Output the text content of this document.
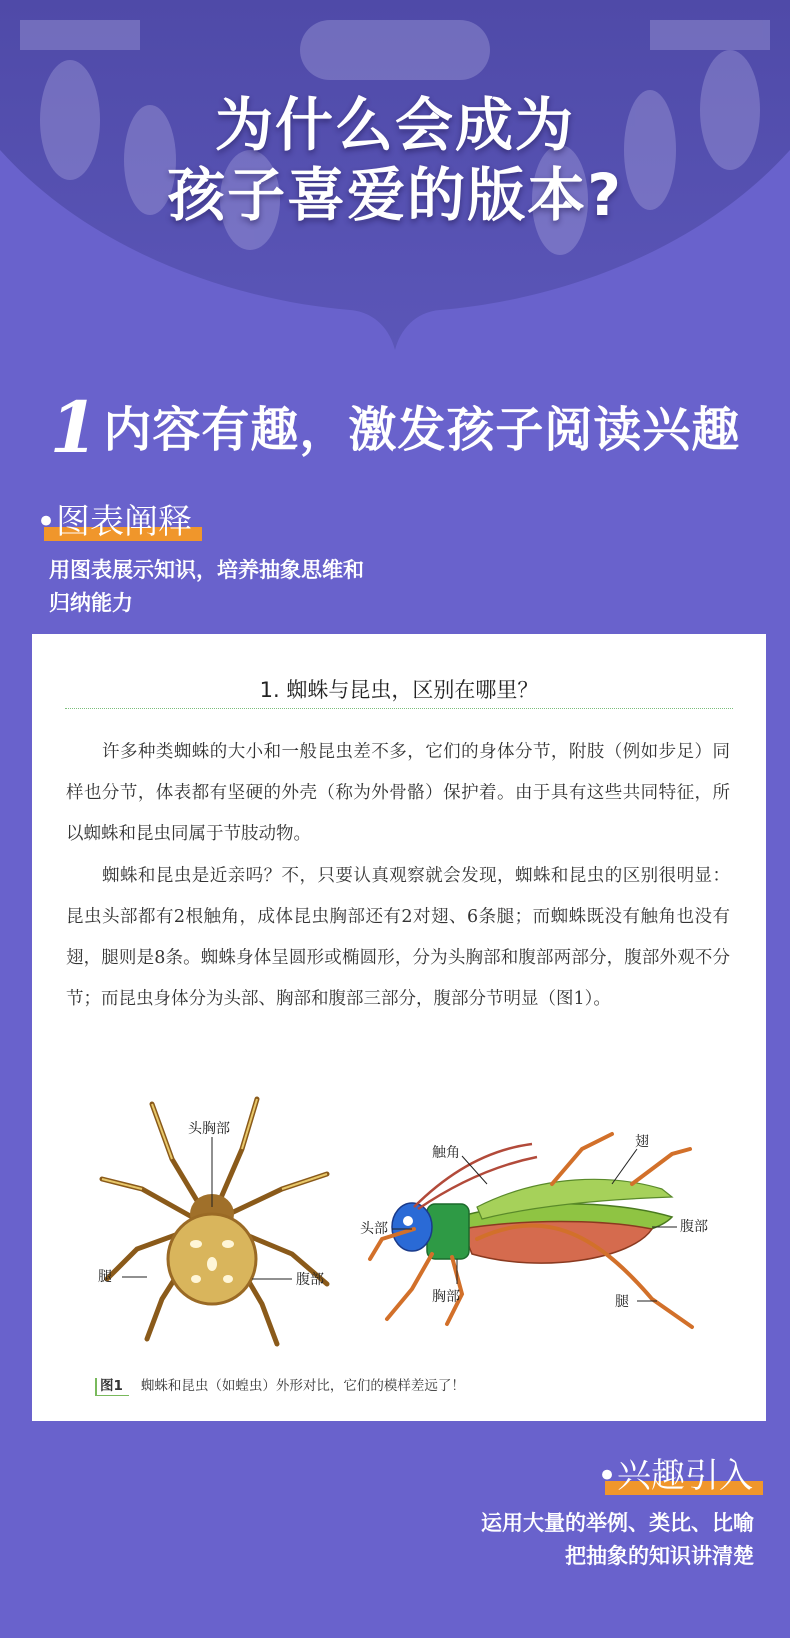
为什么会成为
孩子喜爱的版本?
1内容有趣，激发孩子阅读兴趣
•图表阐释
用图表展示知识，培养抽象思维和
归纳能力
1. 蜘蛛与昆虫，区别在哪里？

许多种类蜘蛛的大小和一般昆虫差不多，它们的身体分节，附肢（例如步足）同样也分节，体表都有坚硬的外壳（称为外骨骼）保护着。由于具有这些共同特征，所以蜘蛛和昆虫同属于节肢动物。

蜘蛛和昆虫是近亲吗？不，只要认真观察就会发现，蜘蛛和昆虫的区别很明显：昆虫头部都有2根触角，成体昆虫胸部还有2对翅、6条腿；而蜘蛛既没有触角也没有翅，腿则是8条。蜘蛛身体呈圆形或椭圆形，分为头胸部和腹部两部分，腹部外观不分节；而昆虫身体分为头部、胸部和腹部三部分，腹部分节明显（图1）。

头胸部
腹部
腿
触角
翅
头部	腹部
胸部	腿
图1 蜘蛛和昆虫（如蝗虫）外形对比，它们的模样差远了！
•兴趣引入
运用大量的举例、类比、比喻
把抽象的知识讲清楚
